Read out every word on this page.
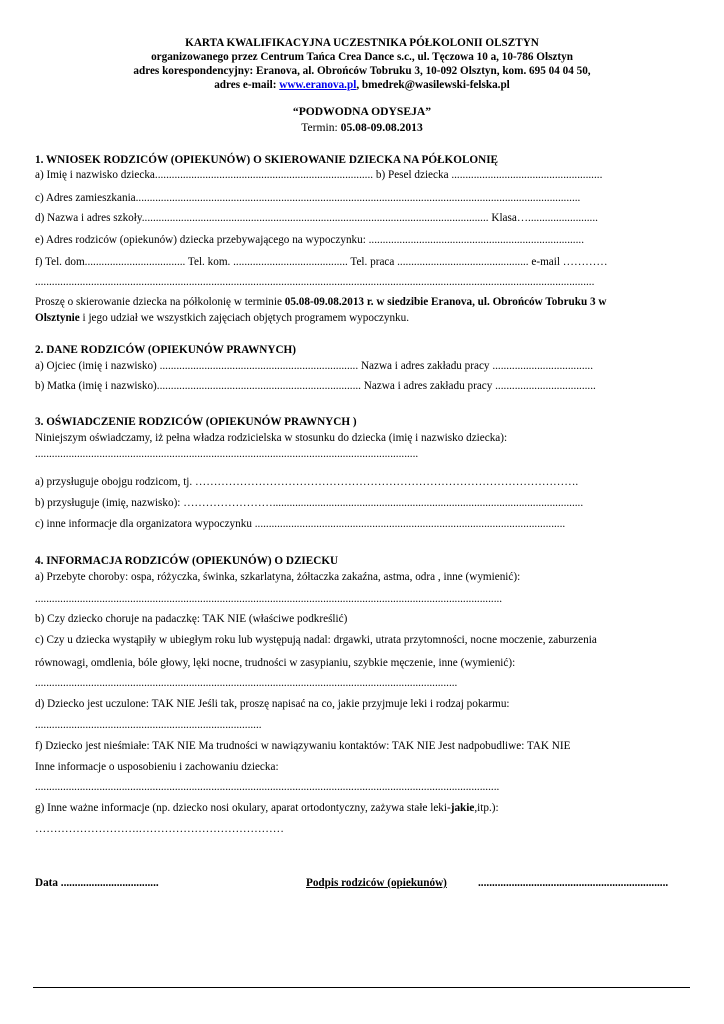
KARTA KWALIFIKACYJNA UCZESTNIKA PÓŁKOLONII OLSZTYN
organizowanego przez Centrum Tańca Crea Dance s.c., ul. Tęczowa 10 a, 10-786 Olsztyn
adres korespondencyjny: Eranova, al. Obrońców Tobruku 3, 10-092 Olsztyn, kom. 695 04 04 50,
adres e-mail: www.eranova.pl, bmedrek@wasilewski-felska.pl
“PODWODNA ODYSEJA”
Termin: 05.08-09.08.2013
1. WNIOSEK RODZICÓW (OPIEKUNÓW) O SKIEROWANIE DZIECKA NA PÓŁKOLONIĘ
a) Imię i nazwisko dziecka.............................................................................. b) Pesel dziecka ......................................................
c) Adres zamieszkania...............................................................................................................................................................
d) Nazwa i adres szkoły............................................................................................................................ Klasa….........................
e) Adres rodziców (opiekunów) dziecka przebywającego na wypoczynku: .............................................................................
f) Tel. dom.................................... Tel. kom. ......................................... Tel. praca ............................................... e-mail …………
........................................................................................................................................................................................................
Proszę o skierowanie dziecka na półkolonię w terminie 05.08-09.08.2013 r. w siedzibie Eranova, ul. Obrońców Tobruku 3 w
Olsztynie i jego udział we wszystkich zajęciach objętych programem wypoczynku.
2. DANE RODZICÓW (OPIEKUNÓW PRAWNYCH)
a) Ojciec (imię i nazwisko) ....................................................................... Nazwa i adres zakładu pracy ....................................
b) Matka (imię i nazwisko)......................................................................... Nazwa i adres zakładu pracy ....................................
3. OŚWIADCZENIE RODZICÓW (OPIEKUNÓW PRAWNYCH )
Niniejszym oświadczamy, iż pełna władza rodzicielska w stosunku do dziecka (imię i nazwisko dziecka):
.........................................................................................................................................
a) przysługuje obojgu rodzicom, tj. ………………………………………………………………………………………….
b) przysługuje (imię, nazwisko): ……………………...............................................................................................................
c) inne informacje dla organizatora wypoczynku ...............................................................................................................
4. INFORMACJA RODZICÓW (OPIEKUNÓW) O DZIECKU
a) Przebyte choroby: ospa, różyczka, świnka, szkarlatyna, żółtaczka zakaźna, astma, odra , inne (wymienić):
.......................................................................................................................................................................
b) Czy dziecko choruje na padaczkę: TAK NIE (właściwe podkreślić)
c) Czy u dziecka wystąpiły w ubiegłym roku lub występują nadal: drgawki, utrata przytomności, nocne moczenie, zaburzenia
równowagi, omdlenia, bóle głowy, lęki nocne, trudności w zasypianiu, szybkie męczenie, inne (wymienić):
.......................................................................................................................................................
d) Dziecko jest uczulone: TAK NIE Jeśli tak, proszę napisać na co, jakie przyjmuje leki i rodzaj pokarmu:
.................................................................................
f) Dziecko jest nieśmiałe: TAK NIE Ma trudności w nawiązywaniu kontaktów: TAK NIE Jest nadpobudliwe: TAK NIE
Inne informacje o usposobieniu i zachowaniu dziecka:
......................................................................................................................................................................
g) Inne ważne informacje (np. dziecko nosi okulary, aparat ortodontyczny, zażywa stałe leki-jakie,itp.):
……………………….…………………………………
Data ...................................	Podpis rodziców (opiekunów)	....................................................................
